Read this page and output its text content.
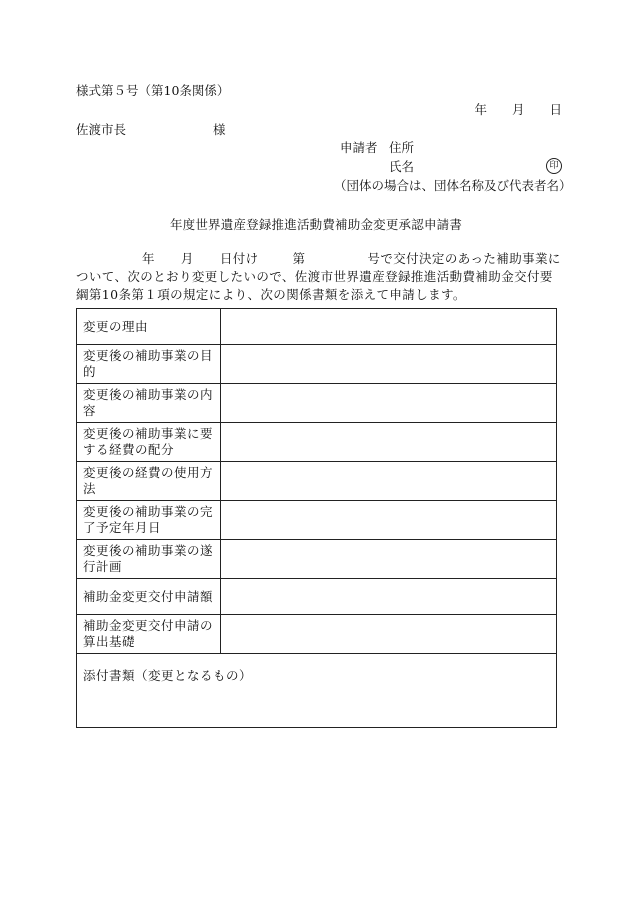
様式第５号（第10条関係）
年　　月　　日
佐渡市長	様
申請者 住所
氏名	印
（団体の場合は、団体名称及び代表者名）
年度世界遺産登録推進活動費補助金変更承認申請書
年 月 日付け	第	号で交付決定のあった補助事業について、次のとおり変更したいので、佐渡市世界遺産登録推進活動費補助金交付要綱第10条第１項の規定により、次の関係書類を添えて申請します。
変更の理由	
変更後の補助事業の目的	
変更後の補助事業の内容	
変更後の補助事業に要する経費の配分	
変更後の経費の使用方法	
変更後の補助事業の完了予定年月日	
変更後の補助事業の遂行計画	
補助金変更交付申請額	
補助金変更交付申請の算出基礎	
添付書類（変更となるもの）	
